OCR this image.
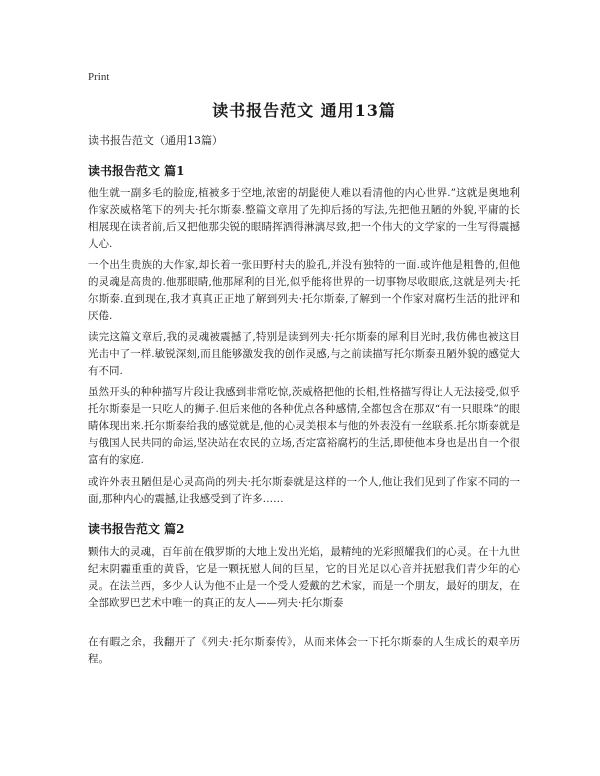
Print
读书报告范文 通用13篇
读书报告范文（通用13篇）
读书报告范文 篇1
他生就一副多毛的脸庞,植被多于空地,浓密的胡髭使人难以看清他的内心世界.”这就是奥地利作家茨威格笔下的列夫·托尔斯泰.整篇文章用了先抑后扬的写法,先把他丑陋的外貌,平庸的长相展现在读者前,后又把他那尖锐的眼睛挥洒得淋漓尽致,把一个伟大的文学家的一生写得震撼人心.
一个出生贵族的大作家,却长着一张田野村夫的脸孔,并没有独特的一面.或许他是粗鲁的,但他的灵魂是高贵的.他那眼睛,他那犀利的目光,似乎能将世界的一切事物尽收眼底,这就是列夫·托尔斯泰.直到现在,我才真真正正地了解到列夫·托尔斯泰,了解到一个作家对腐朽生活的批评和厌倦.
读完这篇文章后,我的灵魂被震撼了,特别是读到列夫·托尔斯泰的犀利目光时,我仿佛也被这目光击中了一样.敏锐深刻,而且能够激发我的创作灵感,与之前读描写托尔斯泰丑陋外貌的感觉大有不同.
虽然开头的种种描写片段让我感到非常吃惊,茨威格把他的长相,性格描写得让人无法接受,似乎托尔斯泰是一只吃人的狮子.但后来他的各种优点各种感情,全都包含在那双“有一只眼珠”的眼睛体现出来.托尔斯泰给我的感觉就是,他的心灵美根本与他的外表没有一丝联系.托尔斯泰就是与俄国人民共同的命运,坚决站在农民的立场,否定富裕腐朽的生活,即使他本身也是出自一个很富有的家庭.
或许外表丑陋但是心灵高尚的列夫·托尔斯泰就是这样的一个人,他让我们见到了作家不同的一面,那种内心的震撼,让我感受到了许多……
读书报告范文 篇2
颗伟大的灵魂，百年前在俄罗斯的大地上发出光焰，最精纯的光彩照耀我们的心灵。在十九世纪末阴霾重重的黄昏，它是一颗抚慰人间的巨星，它的目光足以心音并抚慰我们青少年的心灵。在法兰西，多少人认为他不止是一个受人爱戴的艺术家，而是一个朋友，最好的朋友，在全部欧罗巴艺术中唯一的真正的友人——列夫·托尔斯泰
在有暇之余，我翻开了《列夫·托尔斯泰传》，从而来体会一下托尔斯泰的人生成长的艰辛历程。
